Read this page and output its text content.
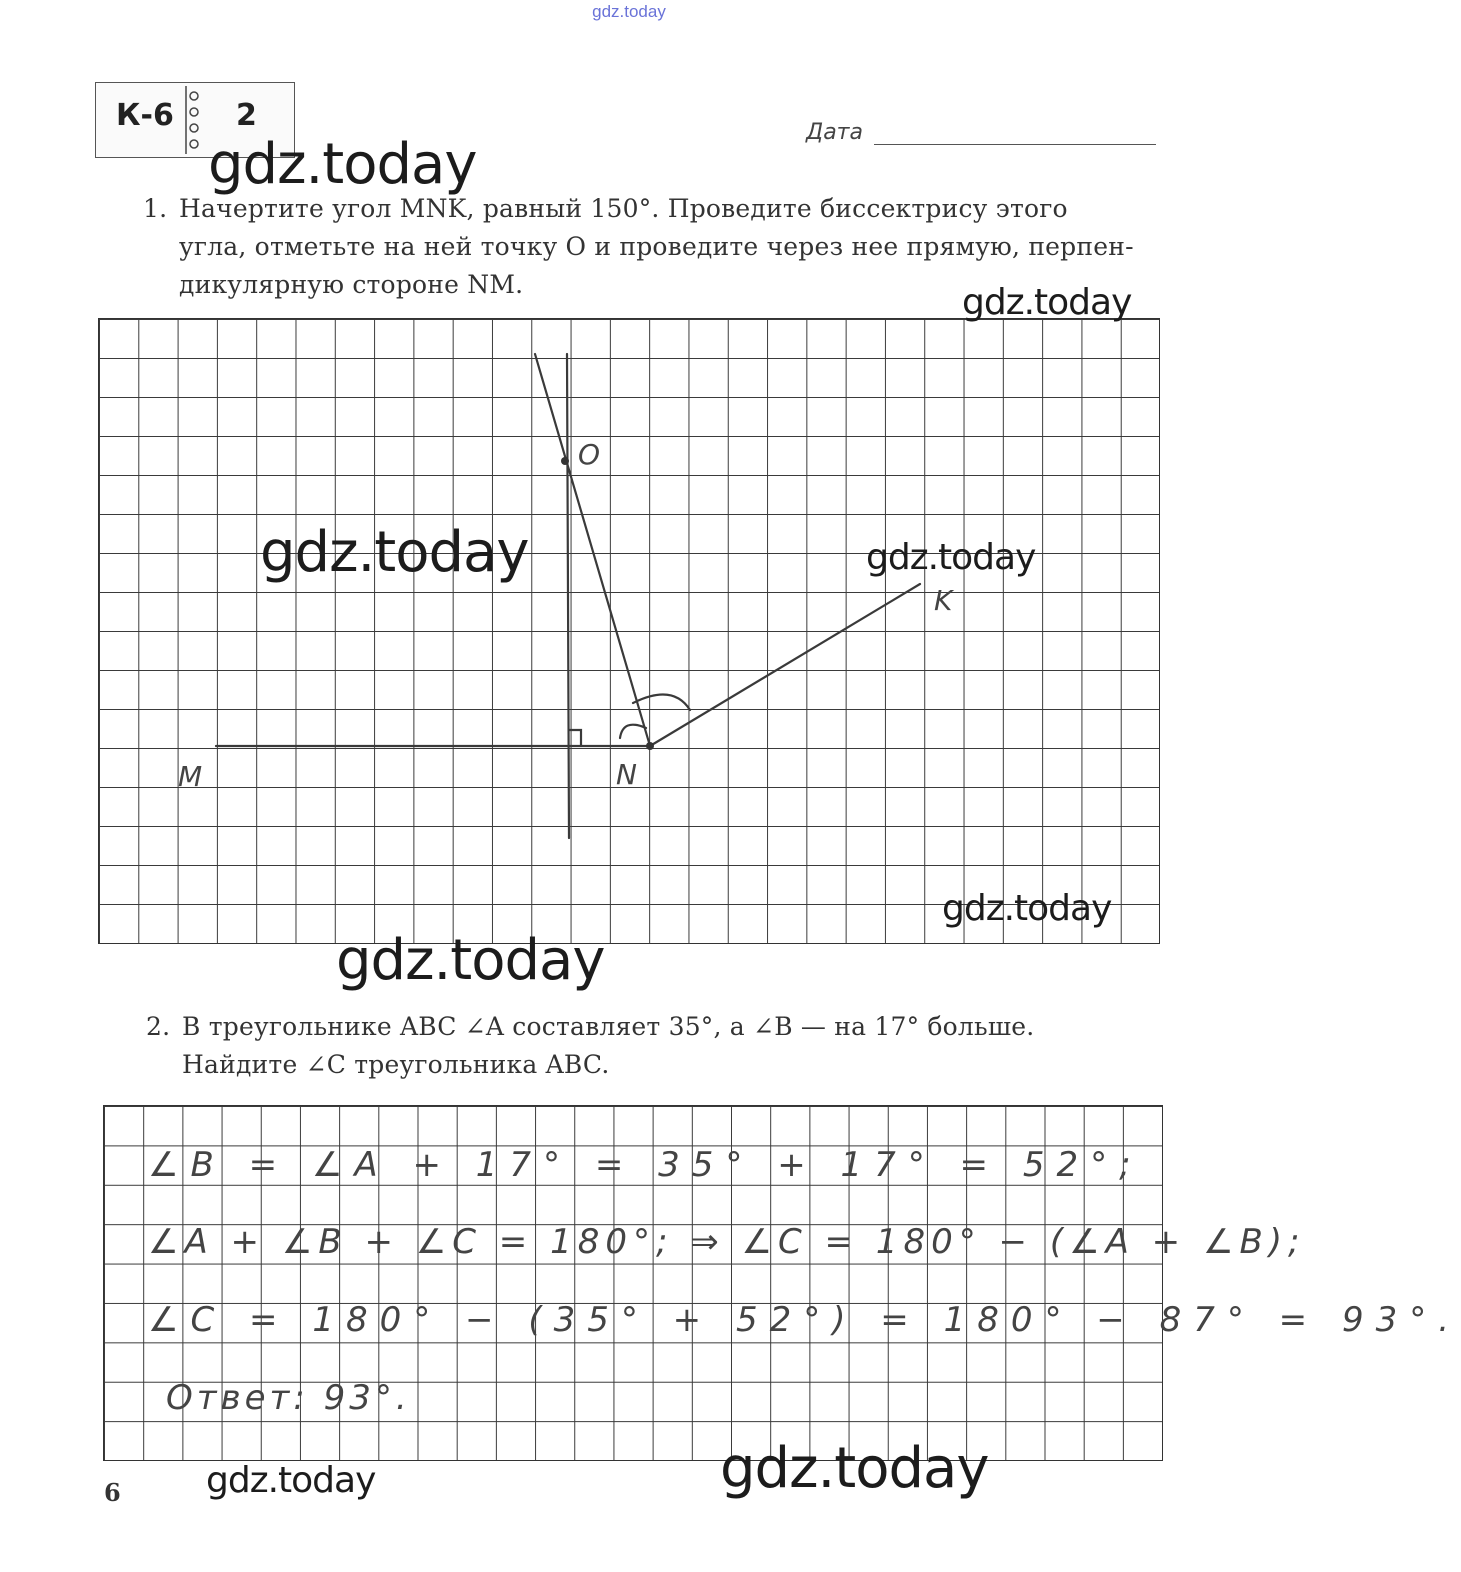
gdz.today
К-6 2	Дата
1. Начертите угол MNK, равный 150°. Проведите биссектрису этого
угла, отметьте на ней точку O и проведите через нее прямую, перпен-
дикулярную стороне NM.
O
K
M	N
2. В треугольнике ABC ∠A составляет 35°, а ∠B — на 17° больше.
Найдите ∠C треугольника ABC.
∠B = ∠A + 17° = 35° + 17° = 52°;
∠A + ∠B + ∠C = 180°; ⇒ ∠C = 180° − (∠A + ∠B);
∠C = 180° − (35° + 52°) = 180° − 87° = 93°.
Ответ: 93°.
6
gdz.today
gdz.today
gdz.today	gdz.today
gdz.today
gdz.today
gdz.today	gdz.today
